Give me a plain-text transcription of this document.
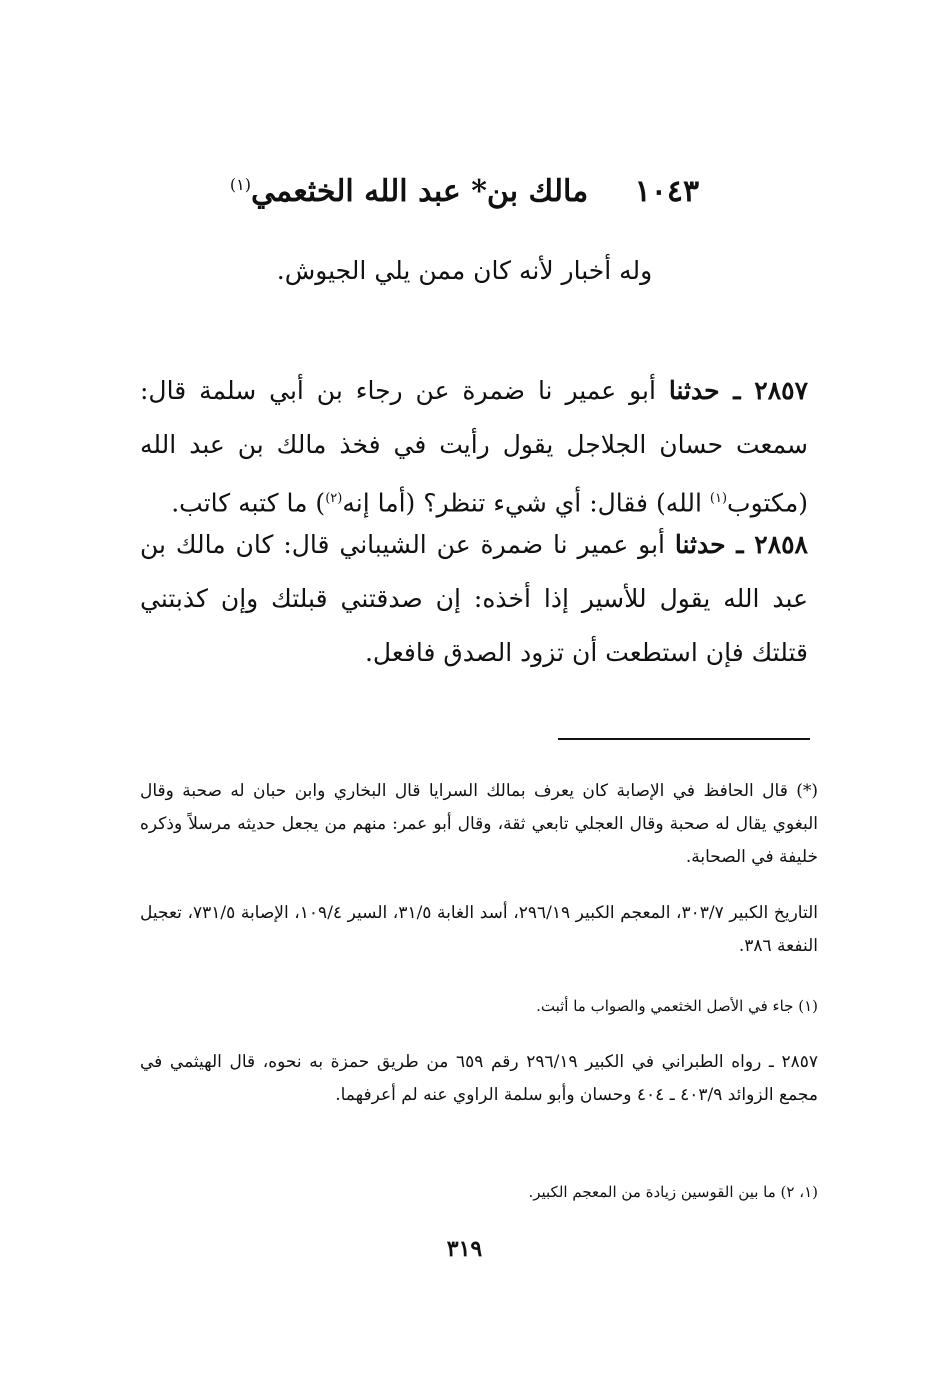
١٠٤٣ مالك بن* عبد الله الخثعمي$^{(١)}$
وله أخبار لأنه كان ممن يلي الجيوش.
٢٨٥٧ ـ حدثنا أبو عمير نا ضمرة عن رجاء بن أبي سلمة قال: سمعت حسان الجلاجل يقول رأيت في فخذ مالك بن عبد الله (مكتوب$^{(١)}$ الله) فقال: أي شيء تنظر؟ (أما إنه$^{(٢)}$) ما كتبه كاتب.
٢٨٥٨ ـ حدثنا أبو عمير نا ضمرة عن الشيباني قال: كان مالك بن عبد الله يقول للأسير إذا أخذه: إن صدقتني قبلتك وإن كذبتني قتلتك فإن استطعت أن تزود الصدق فافعل.
(*) قال الحافظ في الإصابة كان يعرف بمالك السرايا قال البخاري وابن حبان له صحبة وقال البغوي يقال له صحبة وقال العجلي تابعي ثقة، وقال أبو عمر: منهم من يجعل حديثه مرسلاً وذكره خليفة في الصحابة.
التاريخ الكبير ٣٠٣/٧، المعجم الكبير ٢٩٦/١٩، أسد الغابة ٣١/٥، السير ١٠٩/٤، الإصابة ٧٣١/٥، تعجيل النفعة ٣٨٦.
(١) جاء في الأصل الخثعمي والصواب ما أثبت.
٢٨٥٧ ـ رواه الطبراني في الكبير ٢٩٦/١٩ رقم ٦٥٩ من طريق حمزة به نحوه، قال الهيثمي في مجمع الزوائد ٤٠٣/٩ ـ ٤٠٤ وحسان وأبو سلمة الراوي عنه لم أعرفهما.
(١، ٢) ما بين القوسين زيادة من المعجم الكبير.
٣١٩
